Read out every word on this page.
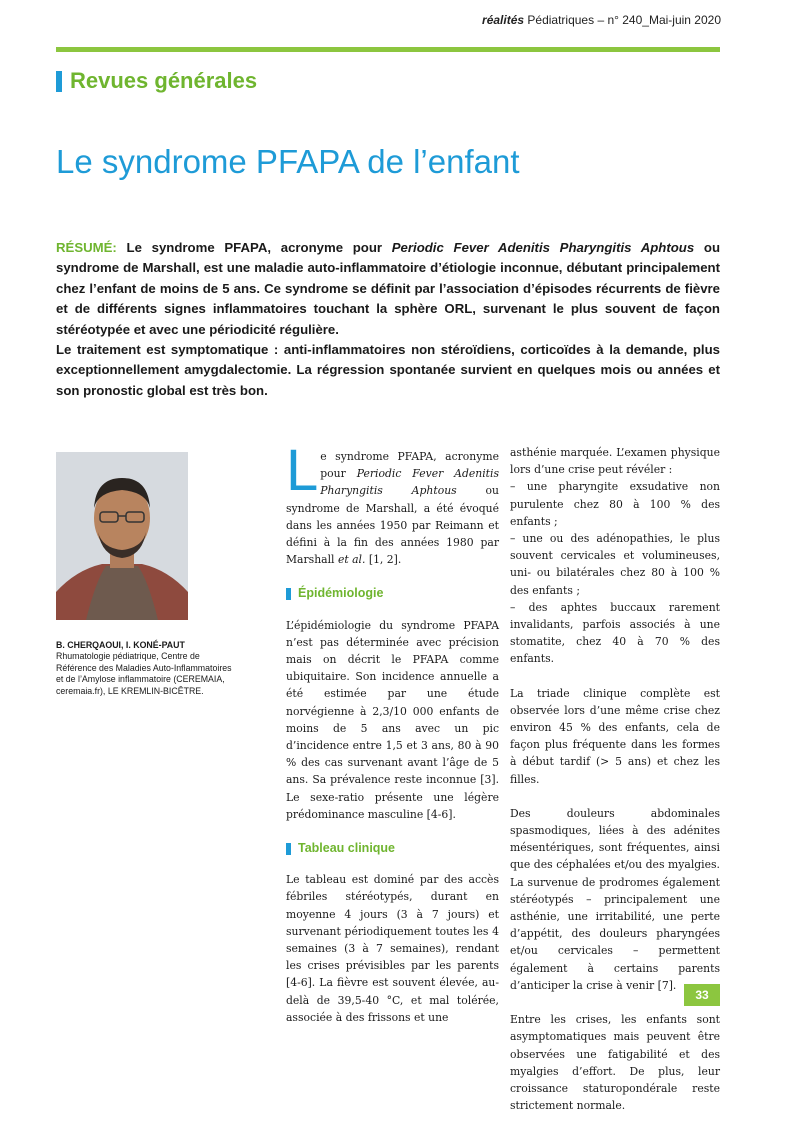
réalités Pédiatriques – n° 240_Mai-juin 2020
Revues générales
Le syndrome PFAPA de l’enfant

RÉSUMÉ: Le syndrome PFAPA, acronyme pour Periodic Fever Adenitis Pharyngitis Aphtous ou syndrome de Marshall, est une maladie auto-inflammatoire d’étiologie inconnue, débutant principalement chez l’enfant de moins de 5 ans. Ce syndrome se définit par l’association d’épisodes récurrents de fièvre et de différents signes inflammatoires touchant la sphère ORL, survenant le plus souvent de façon stéréotypée et avec une périodicité régulière.

Le traitement est symptomatique : anti-inflammatoires non stéroïdiens, corticoïdes à la demande, plus exceptionnellement amygdalectomie. La régression spontanée survient en quelques mois ou années et son pronostic global est très bon.

B. CHERQAOUI, I. KONÉ-PAUT
Rhumatologie pédiatrique, Centre de Référence des Maladies Auto-Inflammatoires et de l’Amylose inflammatoire (CEREMAIA, ceremaia.fr), LE KREMLIN-BICÊTRE.

Le syndrome PFAPA, acronyme pour Periodic Fever Adenitis Pharyngitis Aphtous ou syndrome de Marshall, a été évoqué dans les années 1950 par Reimann et défini à la fin des années 1980 par Marshall et al. [1, 2].

Épidémiologie

L’épidémiologie du syndrome PFAPA n’est pas déterminée avec précision mais on décrit le PFAPA comme ubiquitaire. Son incidence annuelle a été estimée par une étude norvégienne à 2,3/10 000 enfants de moins de 5 ans avec un pic d’incidence entre 1,5 et 3 ans, 80 à 90 % des cas survenant avant l’âge de 5 ans. Sa prévalence reste inconnue [3]. Le sexe-ratio présente une légère prédominance masculine [4-6].

Tableau clinique

Le tableau est dominé par des accès fébriles stéréotypés, durant en moyenne 4 jours (3 à 7 jours) et survenant périodiquement toutes les 4 semaines (3 à 7 semaines), rendant les crises prévisibles par les parents [4-6]. La fièvre est souvent élevée, au-delà de 39,5-40 °C, et mal tolérée, associée à des frissons et une

asthénie marquée. L’examen physique lors d’une crise peut révéler :
– une pharyngite exsudative non purulente chez 80 à 100 % des enfants ;
– une ou des adénopathies, le plus souvent cervicales et volumineuses, uni- ou bilatérales chez 80 à 100 % des enfants ;
– des aphtes buccaux rarement invalidants, parfois associés à une stomatite, chez 40 à 70 % des enfants.

La triade clinique complète est observée lors d’une même crise chez environ 45 % des enfants, cela de façon plus fréquente dans les formes à début tardif (> 5 ans) et chez les filles.

Des douleurs abdominales spasmodiques, liées à des adénites mésentériques, sont fréquentes, ainsi que des céphalées et/ou des myalgies. La survenue de prodromes également stéréotypés – principalement une asthénie, une irritabilité, une perte d’appétit, des douleurs pharyngées et/ou cervicales – permettent également à certains parents d’anticiper la crise à venir [7].

Entre les crises, les enfants sont asymptomatiques mais peuvent être observées une fatigabilité et des myalgies d’effort. De plus, leur croissance staturopondérale reste strictement normale.

33
